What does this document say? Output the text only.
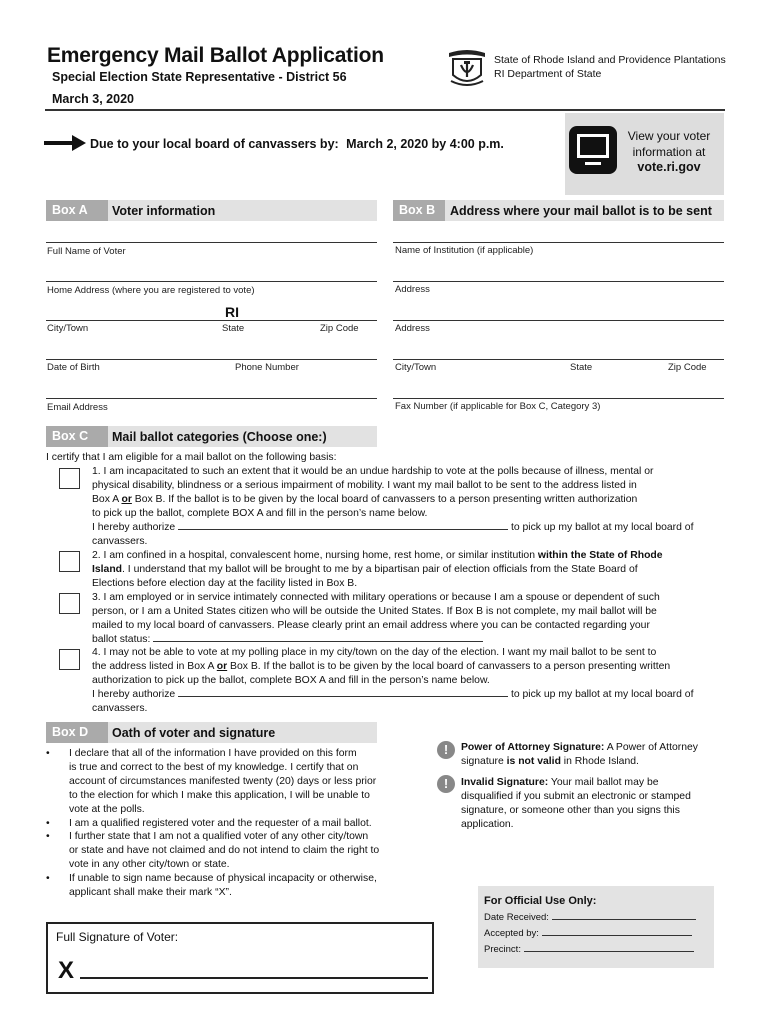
Emergency Mail Ballot Application
Special Election State Representative - District 56
March 3, 2020
State of Rhode Island and Providence Plantations
RI Department of State
Due to your local board of canvassers by: March 2, 2020 by 4:00 p.m.
View your voter
information at
vote.ri.gov
Box A	Voter information	Box B	Address where your mail ballot is to be sent
Full Name of Voter
Home Address (where you are registered to vote)
RI
City/Town	State	Zip Code
Date of Birth	Phone Number
Email Address
Name of Institution (if applicable)
Address
Address
City/Town	State	Zip Code
Fax Number (if applicable for Box C, Category 3)
Box C	Mail ballot categories (Choose one:)
I certify that I am eligible for a mail ballot on the following basis:
1. I am incapacitated to such an extent that it would be an undue hardship to vote at the polls because of illness, mental or
physical disability, blindness or a serious impairment of mobility. I want my mail ballot to be sent to the address listed in
Box A or Box B. If the ballot is to be given by the local board of canvassers to a person presenting written authorization
to pick up the ballot, complete BOX A and fill in the person’s name below.
I hereby authorize	to pick up my ballot at my local board of
canvassers.
2. I am confined in a hospital, convalescent home, nursing home, rest home, or similar institution within the State of Rhode
Island. I understand that my ballot will be brought to me by a bipartisan pair of election officials from the State Board of
Elections before election day at the facility listed in Box B.
3. I am employed or in service intimately connected with military operations or because I am a spouse or dependent of such
person, or I am a United States citizen who will be outside the United States. If Box B is not complete, my mail ballot will be
mailed to my local board of canvassers. Please clearly print an email address where you can be contacted regarding your
ballot status:
4. I may not be able to vote at my polling place in my city/town on the day of the election. I want my mail ballot to be sent to
the address listed in Box A or Box B. If the ballot is to be given by the local board of canvassers to a person presenting written
authorization to pick up the ballot, complete BOX A and fill in the person’s name below.
I hereby authorize	to pick up my ballot at my local board of
canvassers.
Box D	Oath of voter and signature
• I declare that all of the information I have provided on this form
is true and correct to the best of my knowledge. I certify that on
account of circumstances manifested twenty (20) days or less prior
to the election for which I make this application, I will be unable to
vote at the polls.
• I am a qualified registered voter and the requester of a mail ballot.
• I further state that I am not a qualified voter of any other city/town
or state and have not claimed and do not intend to claim the right to
vote in any other city/town or state.
• If unable to sign name because of physical incapacity or otherwise,
applicant shall make their mark “X”.
!	Power of Attorney Signature: A Power of Attorney
signature is not valid in Rhode Island.
!	Invalid Signature: Your mail ballot may be
disqualified if you submit an electronic or stamped
signature, or someone other than you signs this
application.
For Official Use Only:
Date Received:
Accepted by:
Precinct:
Full Signature of Voter:
X
